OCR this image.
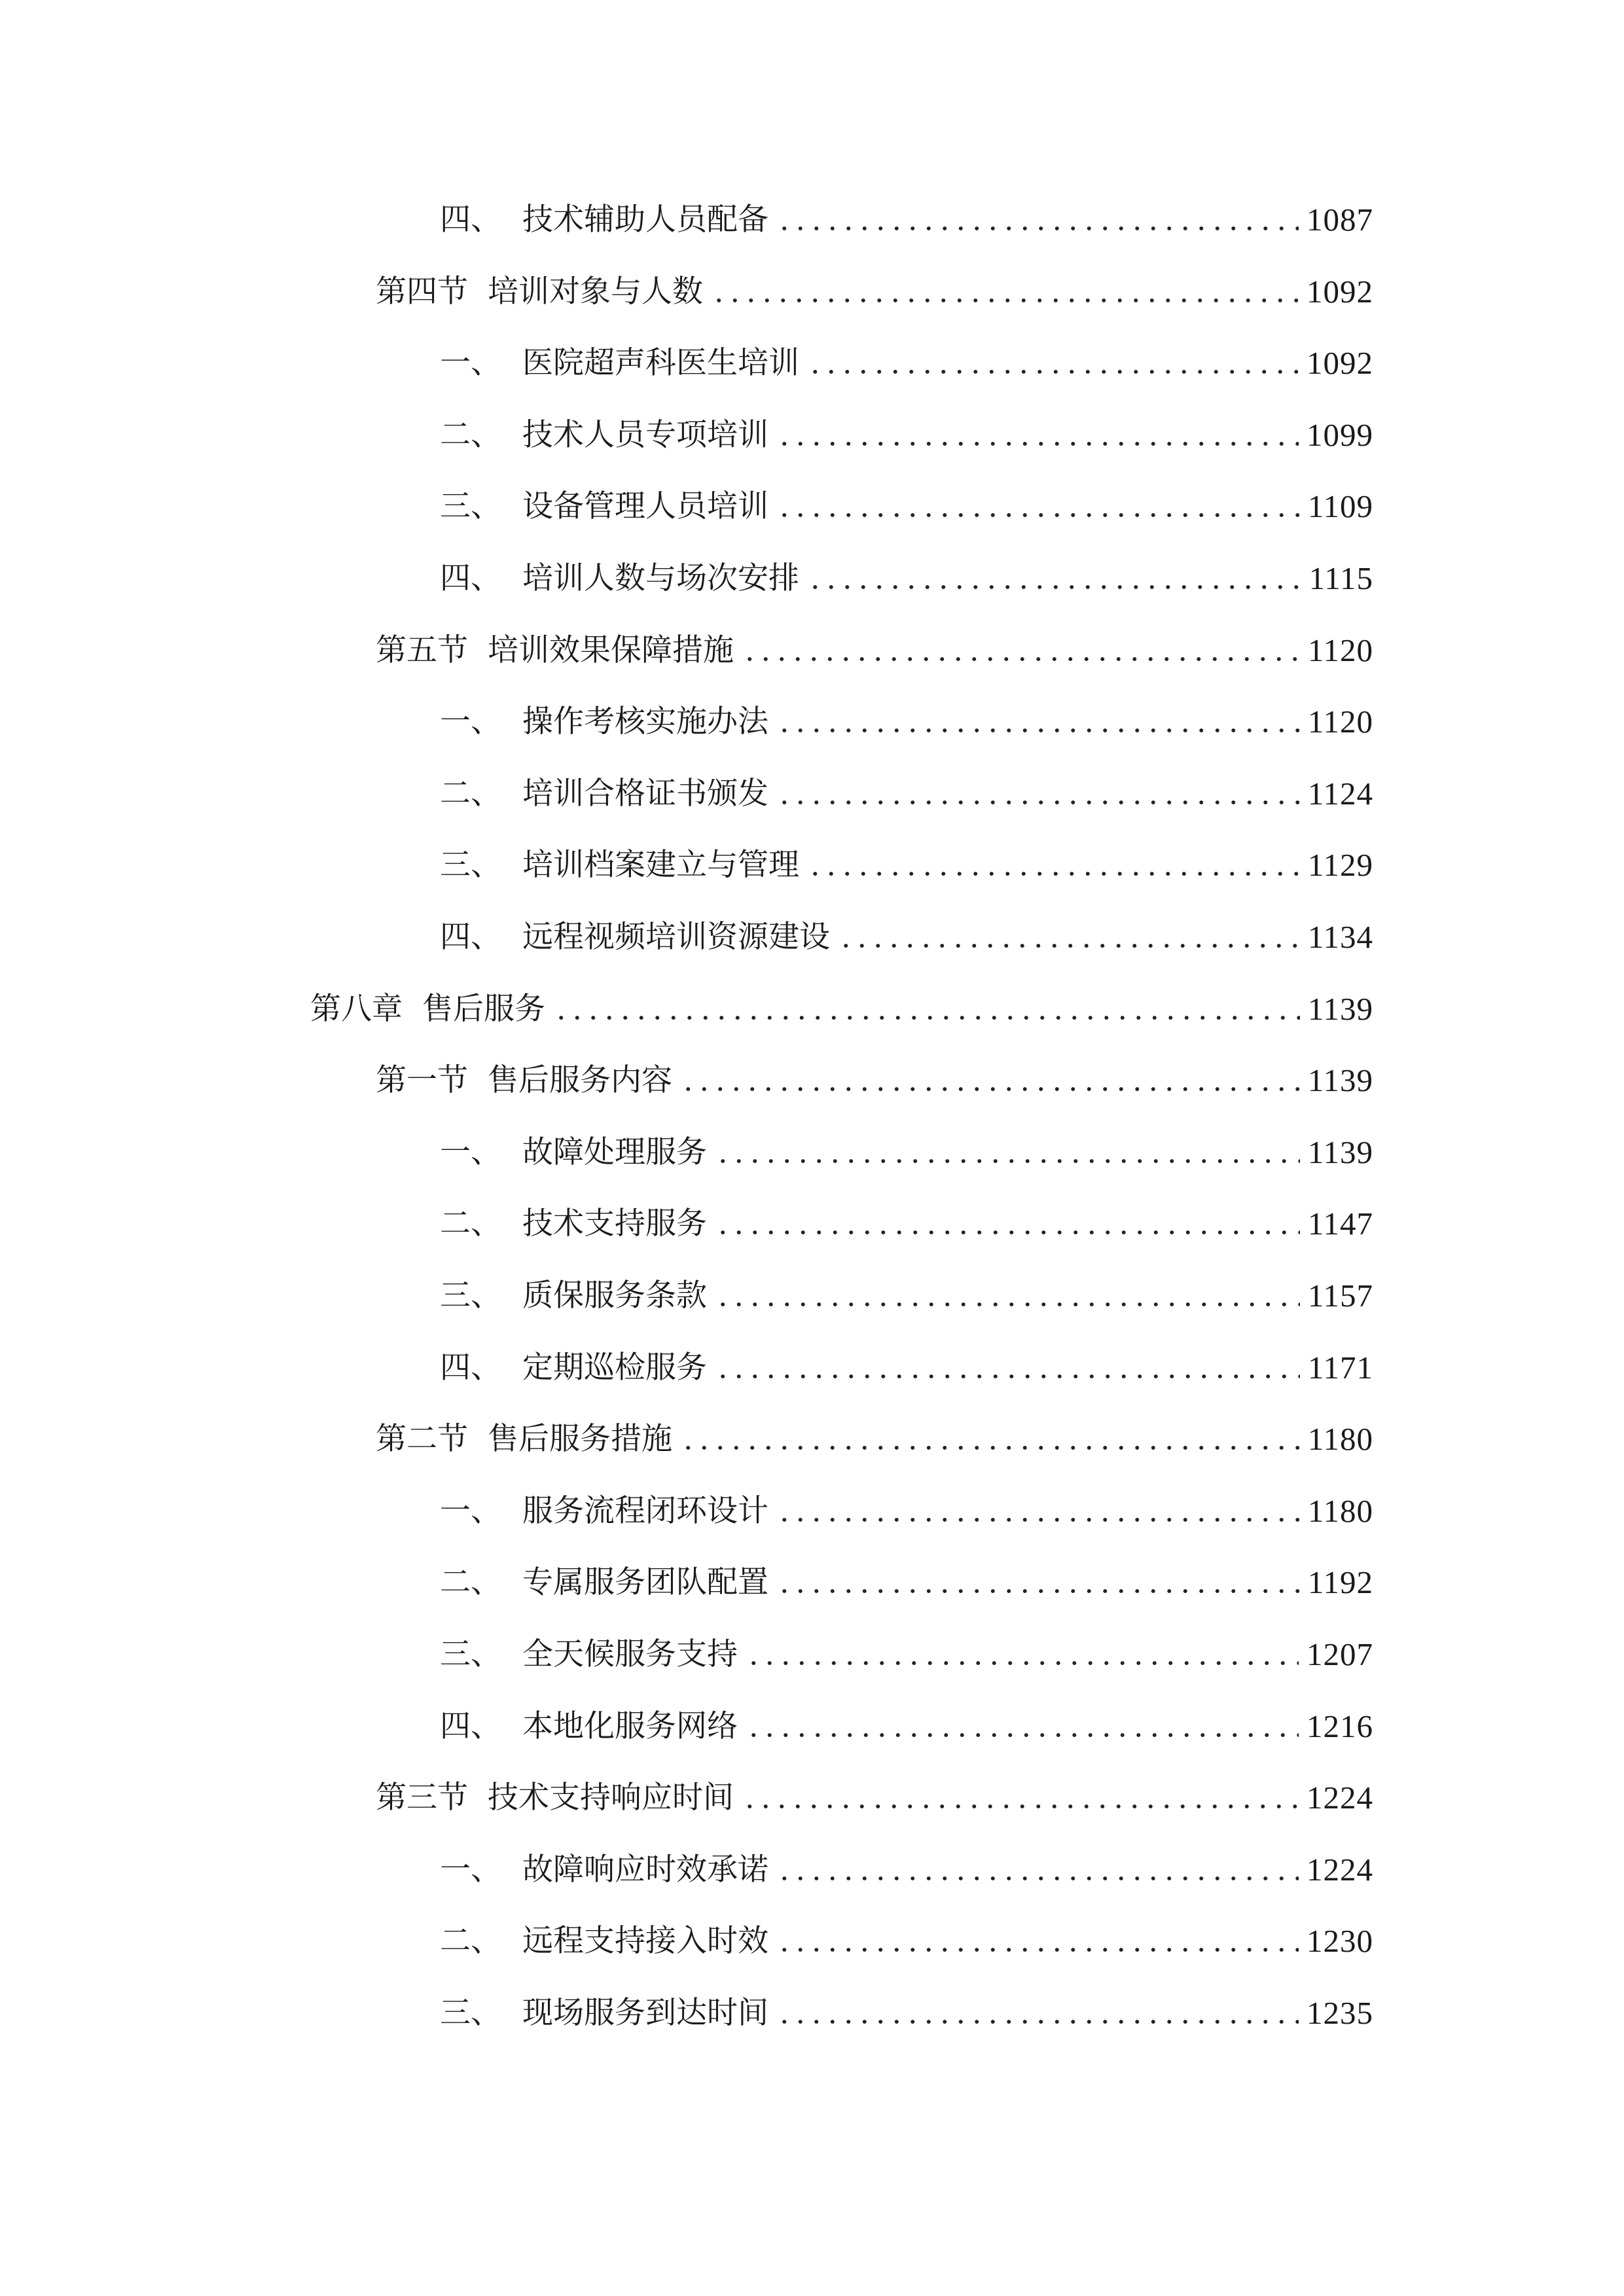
四、 技术辅助人员配备	1087
第四节 培训对象与人数	1092
一、 医院超声科医生培训	1092
二、 技术人员专项培训	1099
三、 设备管理人员培训	1109
四、 培训人数与场次安排	1115
第五节 培训效果保障措施	1120
一、 操作考核实施办法	1120
二、 培训合格证书颁发	1124
三、 培训档案建立与管理	1129
四、 远程视频培训资源建设	1134
第八章 售后服务	1139
第一节 售后服务内容	1139
一、 故障处理服务	1139
二、 技术支持服务	1147
三、 质保服务条款	1157
四、 定期巡检服务	1171
第二节 售后服务措施	1180
一、 服务流程闭环设计	1180
二、 专属服务团队配置	1192
三、 全天候服务支持	1207
四、 本地化服务网络	1216
第三节 技术支持响应时间	1224
一、 故障响应时效承诺	1224
二、 远程支持接入时效	1230
三、 现场服务到达时间	1235
